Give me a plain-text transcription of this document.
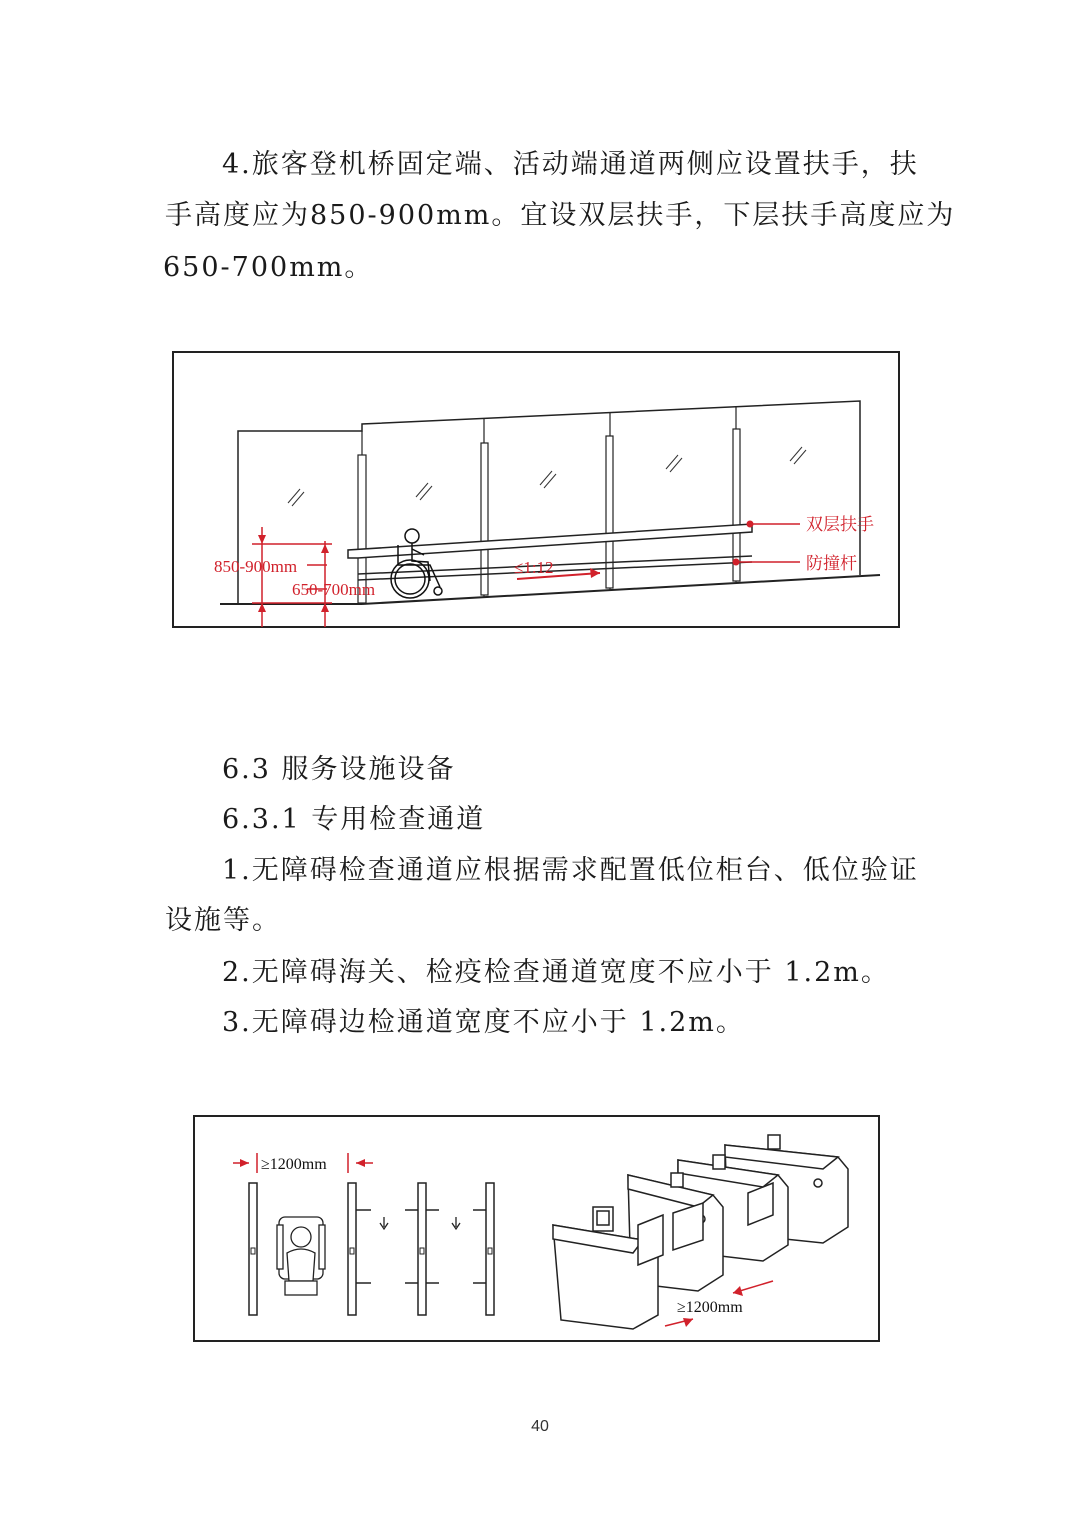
4.旅客登机桥固定端、活动端通道两侧应设置扶手，扶

手高度应为850-900mm。宜设双层扶手，下层扶手高度应为

650-700mm。

≤1:12
850-900mm
650-700mm
双层扶手
防撞杆

6.3 服务设施设备

6.3.1 专用检查通道

1.无障碍检查通道应根据需求配置低位柜台、低位验证

设施等。

2.无障碍海关、检疫检查通道宽度不应小于 1.2m。

3.无障碍边检通道宽度不应小于 1.2m。

≥1200mm
≥1200mm
40
